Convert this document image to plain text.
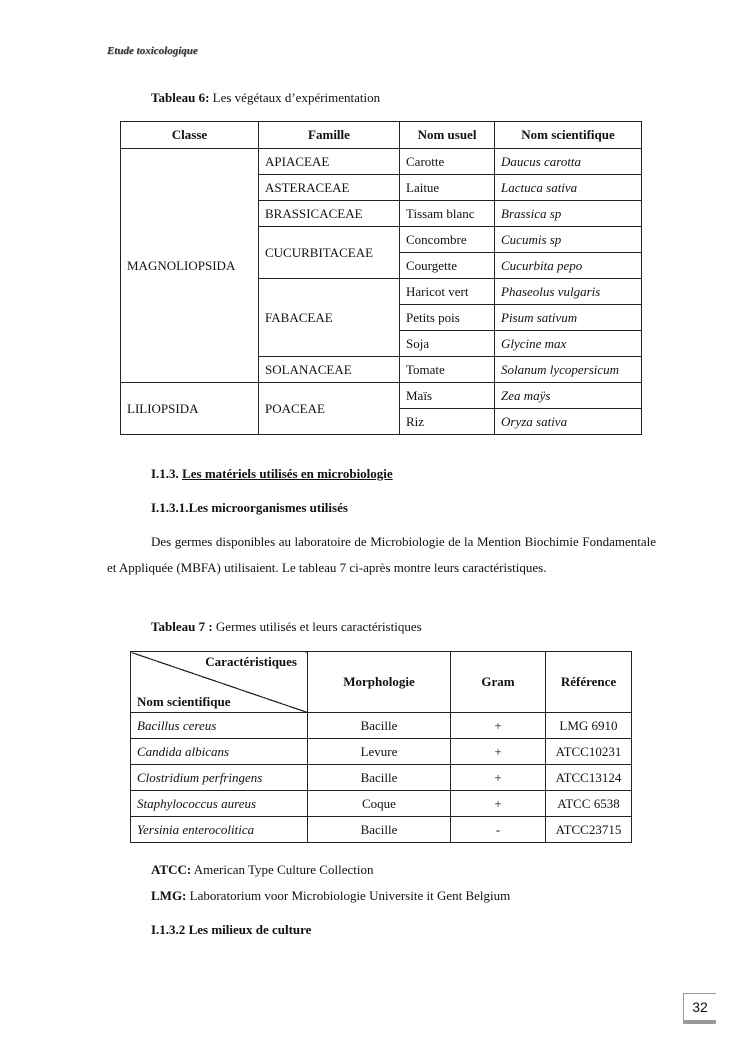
Etude toxicologique
Tableau 6: Les végétaux d’expérimentation
Classe	Famille	Nom usuel	Nom scientifique
MAGNOLIOPSIDA	APIACEAE	Carotte	Daucus carotta
	ASTERACEAE	Laitue	Lactuca sativa
	BRASSICACEAE	Tissam blanc	Brassica sp
	CUCURBITACEAE	Concombre	Cucumis sp
		Courgette	Cucurbita pepo
	FABACEAE	Haricot vert	Phaseolus vulgaris
		Petits pois	Pisum sativum
		Soja	Glycine max
	SOLANACEAE	Tomate	Solanum lycopersicum
LILIOPSIDA	POACEAE	Maïs	Zea maÿs
		Riz	Oryza sativa
I.1.3. Les matériels utilisés en microbiologie
I.1.3.1.Les microorganismes utilisés
Des germes disponibles au laboratoire de Microbiologie de la Mention Biochimie Fondamentale et Appliquée (MBFA) utilisaient. Le tableau 7 ci-après montre leurs caractéristiques.
Tableau 7 : Germes utilisés et leurs caractéristiques
Caractéristiques
Nom scientifique	Morphologie	Gram	Référence
Bacillus cereus	Bacille	+	LMG 6910
Candida albicans	Levure	+	ATCC10231
Clostridium perfringens	Bacille	+	ATCC13124
Staphylococcus aureus	Coque	+	ATCC 6538
Yersinia enterocolitica	Bacille	-	ATCC23715
ATCC: American Type Culture Collection
LMG: Laboratorium voor Microbiologie Universite it Gent Belgium
I.1.3.2 Les milieux de culture
32
